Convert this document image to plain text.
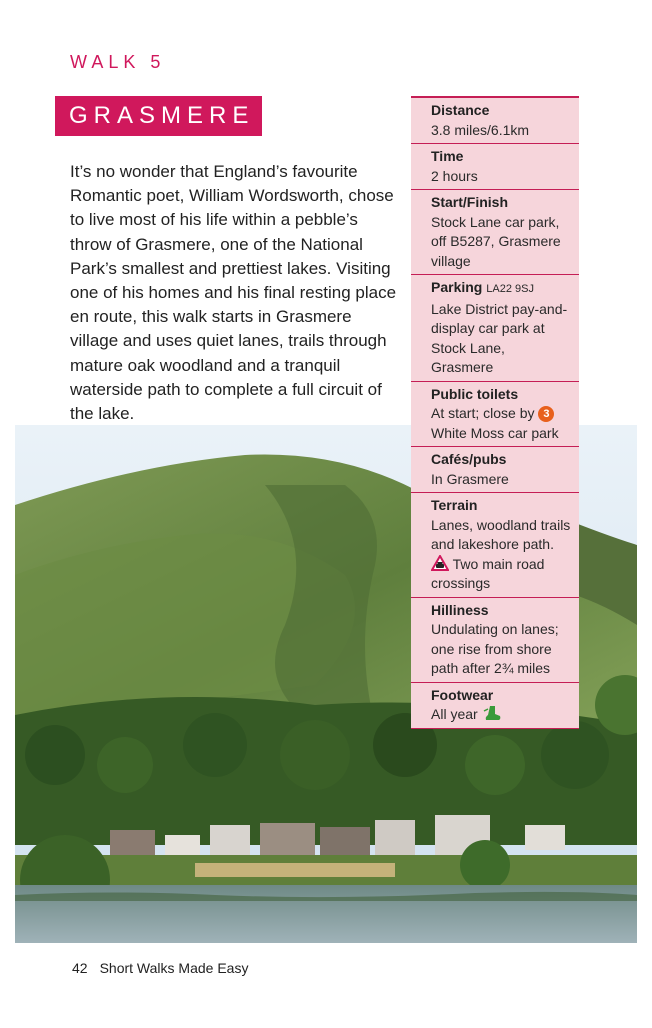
WALK 5
GRASMERE
It’s no wonder that England’s favourite Romantic poet, William Wordsworth, chose to live most of his life within a pebble’s throw of Grasmere, one of the National Park’s smallest and prettiest lakes. Visiting one of his homes and his final resting place en route, this walk starts in Grasmere village and uses quiet lanes, trails through mature oak woodland and a tranquil waterside path to complete a full circuit of the lake.
Distance
3.8 miles/6.1km
Time
2 hours
Start/Finish
Stock Lane car park, off B5287, Grasmere village
Parking LA22 9SJ
Lake District pay-and-display car park at Stock Lane, Grasmere
Public toilets
At start; close by 3 White Moss car park
Cafés/pubs
In Grasmere
Terrain
Lanes, woodland trails and lakeshore path. Two main road crossings
Hilliness
Undulating on lanes; one rise from shore path after 2¾ miles
Footwear
All year
42 Short Walks Made Easy
